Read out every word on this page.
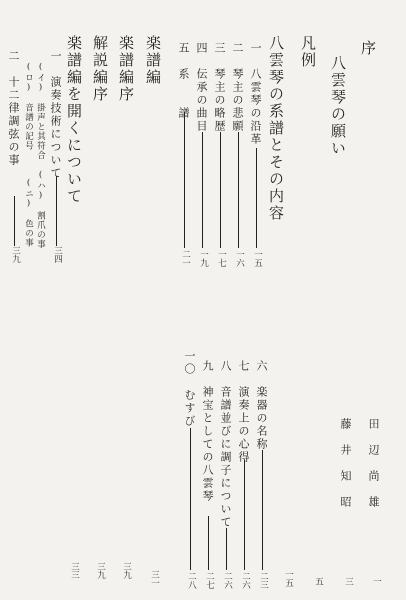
序
八雲琴の願い
凡例
八雲琴の系譜とその内容
一　八雲琴の沿革
一五
二　琴主の悲願
一六
三　琴主の略歴
一七
四　伝承の曲目
一九
五　系　　譜
二一
楽譜編
楽譜編序
解説編序
楽譜編を開くについて
一　演奏技術について
三四
(イ)　掛声と其符合
(ロ)　音譜の記号
(ハ)　割爪の事
(ニ)　色の事
二　十二律調弦の事
三九
六　楽器の名称
二三
七　演奏上の心得
二六
八　音譜並びに調子について
二六
九　神宝としての八雲琴
二七
一〇　むすび
二八
田　辺　尚　雄
藤　井　知　昭
一
三
五
一五
三一
三九
三九
三三
